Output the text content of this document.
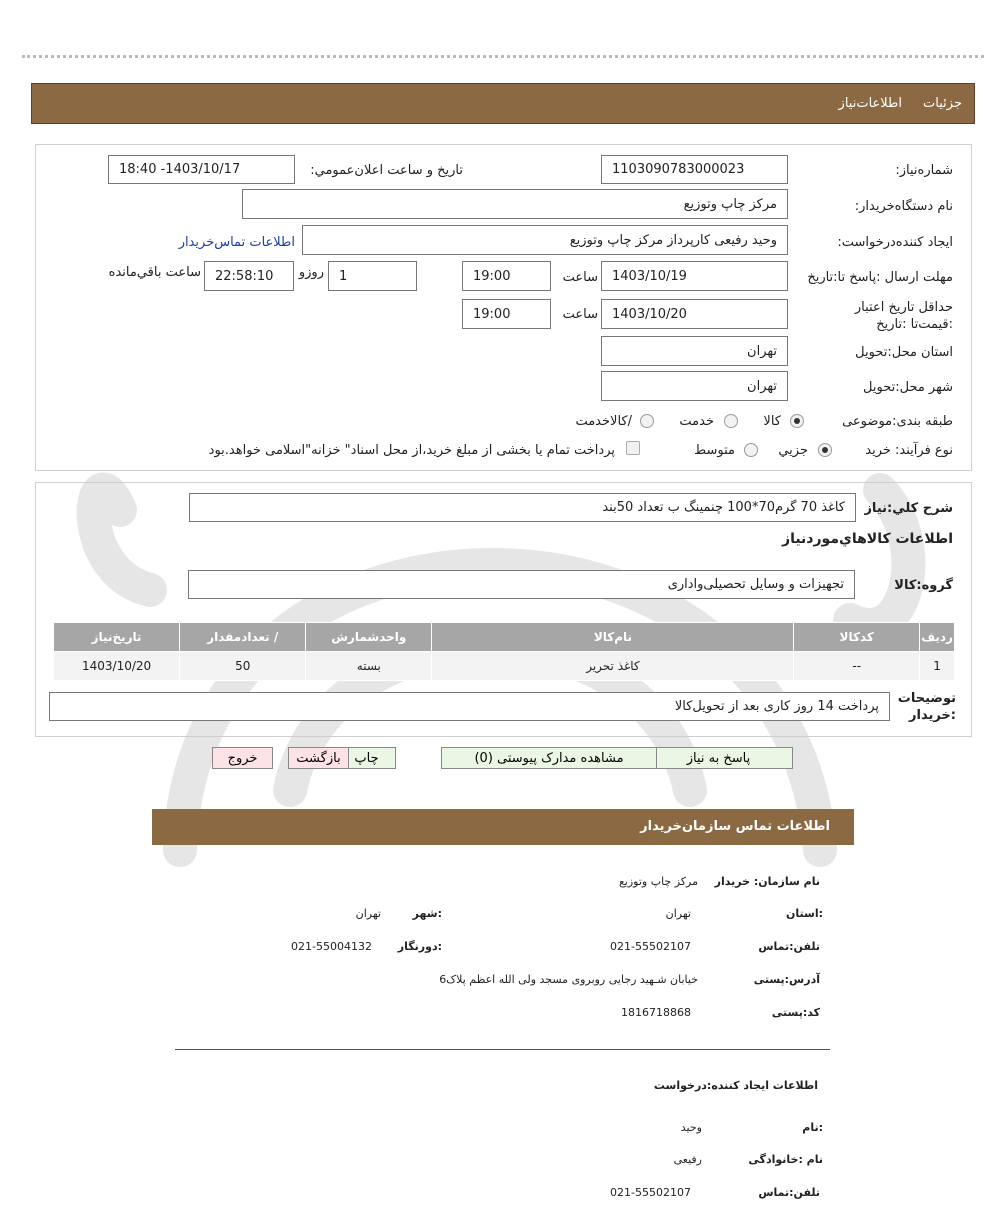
جزئيات
اطلاعات‌نياز
شماره‌نياز:
1103090783000023
تاريخ و ساعت اعلان‌عمومي:
1403/10/17- 18:40
نام دستگاه‌خريدار:
مرکز چاپ وتوزيع
ايجاد کننده‌درخواست:
وحيد رفيعی کارپرداز مرکز چاپ وتوزيع
اطلاعات تماس‌خريدار
مهلت ارسال :پاسخ تا:تاريخ
1403/10/19
ساعت
19:00
1
روزو
22:58:10
ساعت باقي‌مانده
حداقل تاريخ اعتبار :قيمت‌تا :تاريخ
1403/10/20
ساعت
19:00
استان محل:تحويل
تهران
شهر محل:تحويل
تهران
طبقه بندی:موضوعی
کالا
خدمت
/کالاخدمت
نوع فرآيند: خريد
جزيي
متوسط
پرداخت تمام يا بخشی از مبلغ خريد،از محل اسناد" خزانه"اسلامی خواهد.بود
شرح کلي:نياز
کاغذ 70 گرم70*100 چنمينگ ب تعداد 50بند
اطلاعات کالاهاي‌موردنياز
گروه:کالا
تجهيزات و وسايل تحصيلی‌واداری
رديف	کدکالا	نام‌کالا	واحدشمارش	/ تعدادمقدار	تاريخ‌نياز
1	--	کاغذ تحرير	بسته	50	1403/10/20
توضيحات :خريدار
پرداخت 14 روز کاری بعد از تحويل‌کالا
پاسخ به نياز
مشاهده مدارک پيوستی (0)
چاپ
بازگشت
خروج
اطلاعات تماس سازمان‌خريدار
نام سازمان: خريدار
مرکز چاپ وتوزيع
:استان
تهران
:شهر
تهران
تلفن:تماس
021-55502107
:دورنگار
021-55004132
آدرس:پستی
خيابان شـهيد رجايی روبروی مسجد ولی الله اعظم پلاک6
کد:پستی
1816718868
اطلاعات ايجاد کننده:درخواست
:نام
وحيد
نام :خانوادگی
رفيعی
تلفن:تماس
021-55502107
